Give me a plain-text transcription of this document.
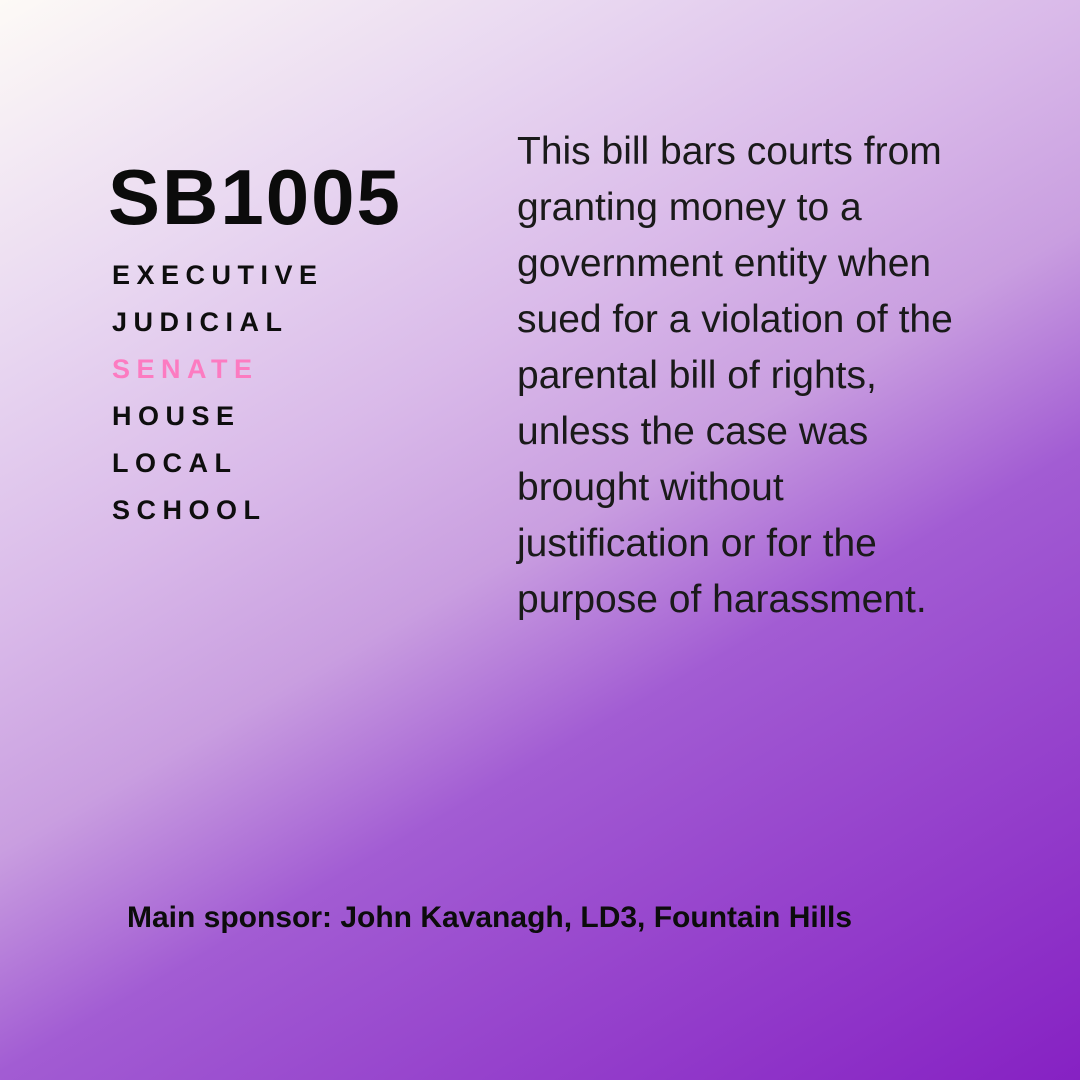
SB1005
EXECUTIVE
JUDICIAL
SENATE
HOUSE
LOCAL
SCHOOL
This bill bars courts from
granting money to a
government entity when
sued for a violation of the
parental bill of rights,
unless the case was
brought without
justification or for the
purpose of harassment.
Main sponsor: John Kavanagh, LD3, Fountain Hills
